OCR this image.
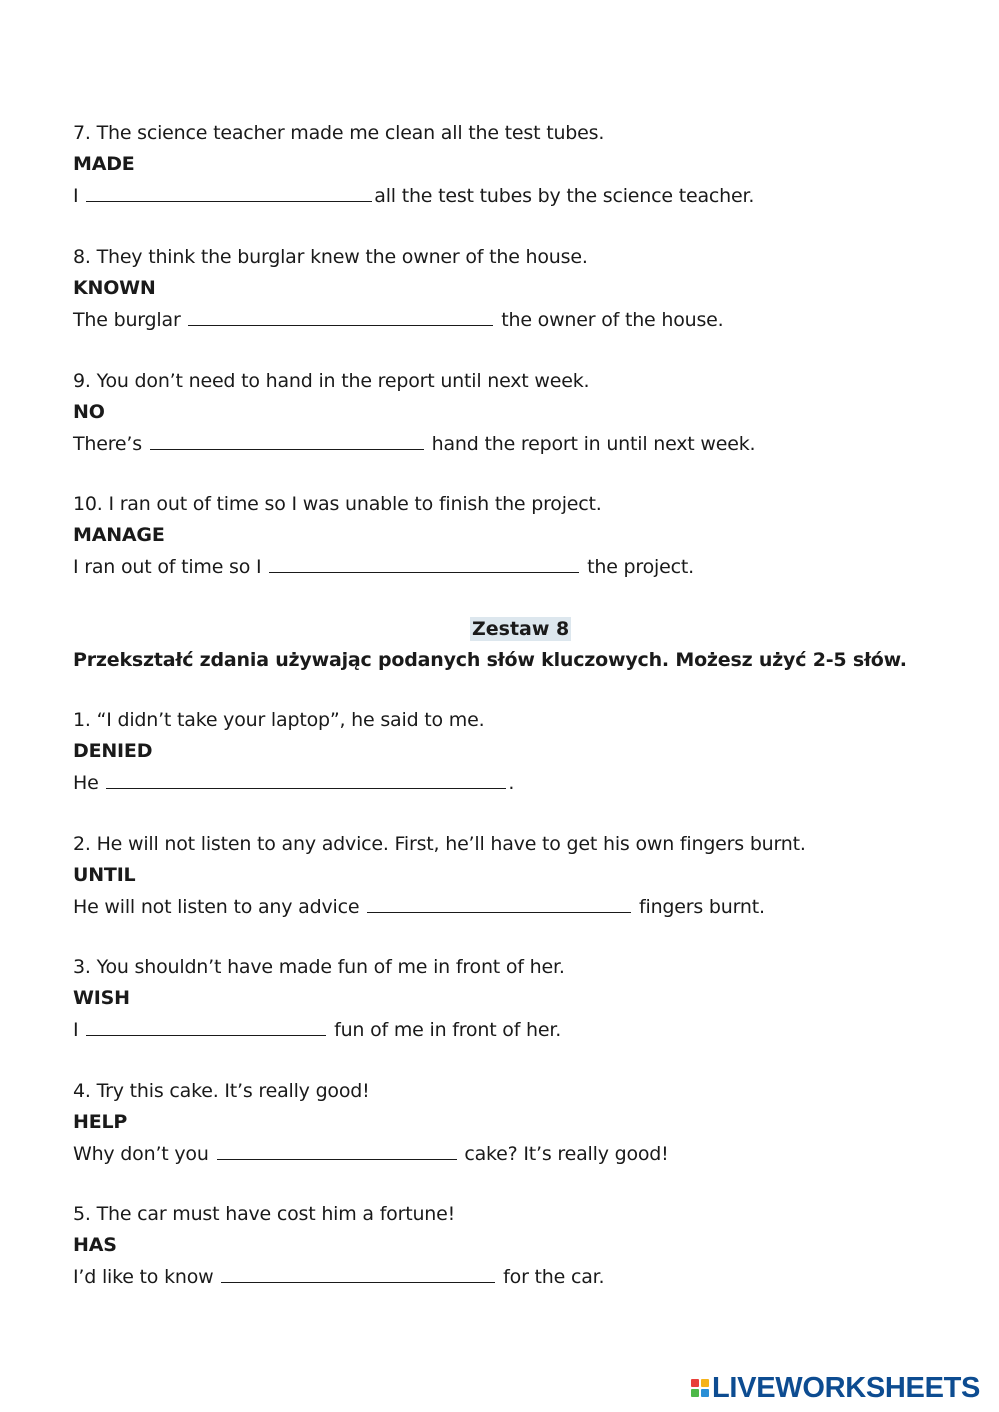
7. The science teacher made me clean all the test tubes.
MADE
I	all the test tubes by the science teacher.
8. They think the burglar knew the owner of the house.
KNOWN
The burglar	the owner of the house.
9. You don’t need to hand in the report until next week.
NO
There’s	hand the report in until next week.
10. I ran out of time so I was unable to finish the project.
MANAGE
I ran out of time so I	the project.
Zestaw 8
Przekształć zdania używając podanych słów kluczowych. Możesz użyć 2-5 słów.
1. “I didn’t take your laptop”, he said to me.
DENIED
He	.
2. He will not listen to any advice. First, he’ll have to get his own fingers burnt.
UNTIL
He will not listen to any advice	fingers burnt.
3. You shouldn’t have made fun of me in front of her.
WISH
I	fun of me in front of her.
4. Try this cake. It’s really good!
HELP
Why don’t you	cake? It’s really good!
5. The car must have cost him a fortune!
HAS
I’d like to know	for the car.
LIVEWORKSHEETS
